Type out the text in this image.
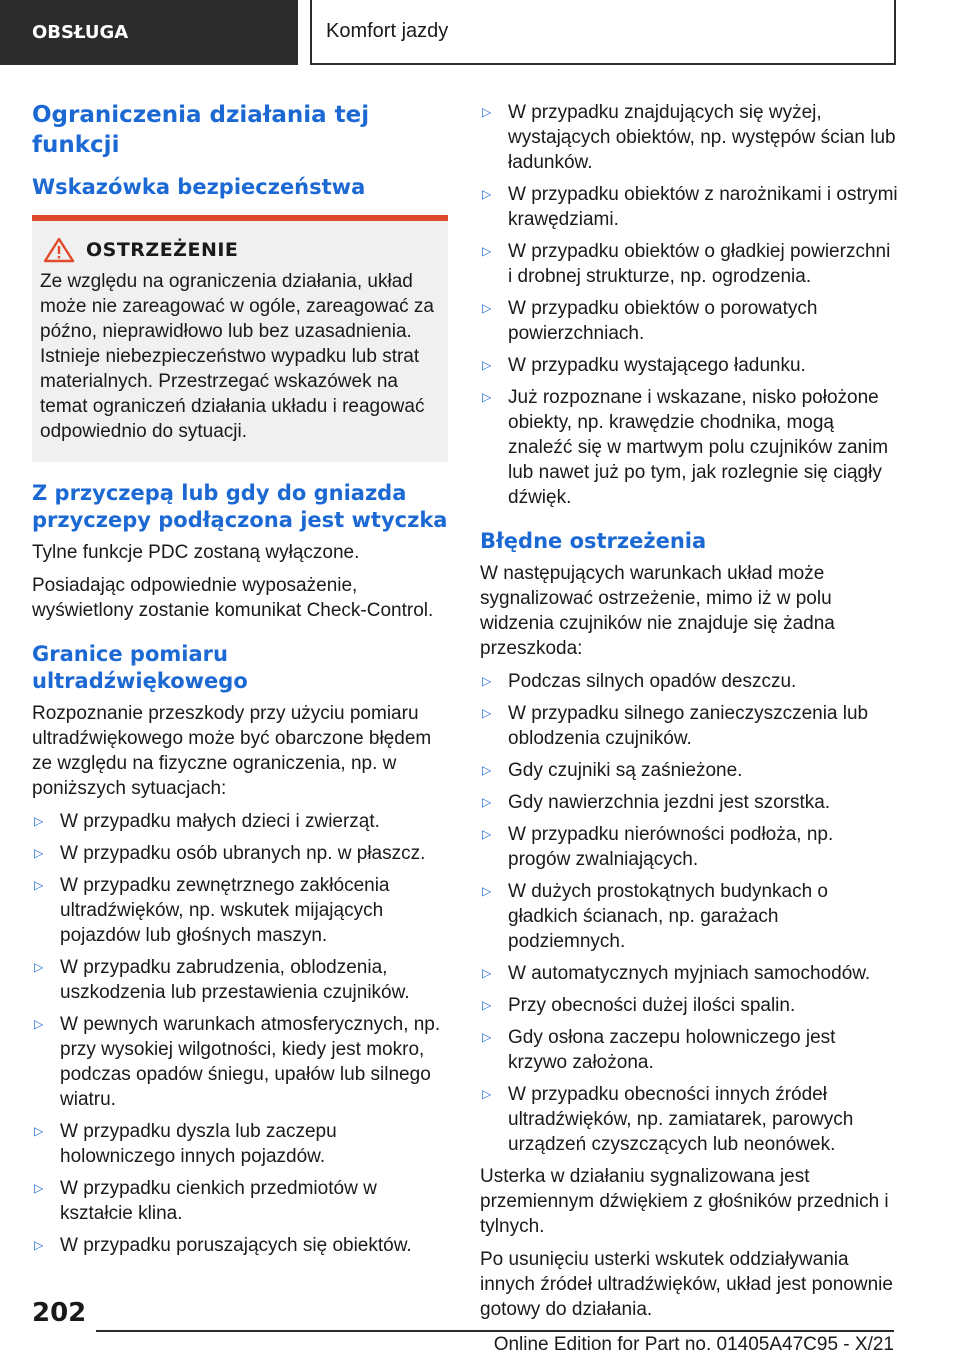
OBSŁUGA	Komfort jazdy
Ograniczenia działania tej funkcji
Wskazówka bezpieczeństwa
OSTRZEŻENIE
Ze względu na ograniczenia działania, układ może nie zareagować w ogóle, zareagować za późno, nieprawidłowo lub bez uzasadnienia. Istnieje niebezpieczeństwo wypadku lub strat materialnych. Przestrzegać wskazówek na temat ograniczeń działania układu i reagować odpowiednio do sytuacji.
Z przyczepą lub gdy do gniazda przyczepy podłączona jest wtyczka

Tylne funkcje PDC zostaną wyłączone.

Posiadając odpowiednie wyposażenie, wyświetlony zostanie komunikat Check-Control.

Granice pomiaru ultradźwiękowego

Rozpoznanie przeszkody przy użyciu pomiaru ultradźwiękowego może być obarczone błędem ze względu na fizyczne ograniczenia, np. w poniższych sytuacjach:

▷ W przypadku małych dzieci i zwierząt.
▷ W przypadku osób ubranych np. w płaszcz.
▷ W przypadku zewnętrznego zakłócenia ultradźwięków, np. wskutek mijających pojazdów lub głośnych maszyn.
▷ W przypadku zabrudzenia, oblodzenia, uszkodzenia lub przestawienia czujników.
▷ W pewnych warunkach atmosferycznych, np. przy wysokiej wilgotności, kiedy jest mokro, podczas opadów śniegu, upałów lub silnego wiatru.
▷ W przypadku dyszla lub zaczepu holowniczego innych pojazdów.
▷ W przypadku cienkich przedmiotów w kształcie klina.
▷ W przypadku poruszających się obiektów.
▷ W przypadku znajdujących się wyżej, wystających obiektów, np. występów ścian lub ładunków.
▷ W przypadku obiektów z narożnikami i ostrymi krawędziami.
▷ W przypadku obiektów o gładkiej powierzchni i drobnej strukturze, np. ogrodzenia.
▷ W przypadku obiektów o porowatych powierzchniach.
▷ W przypadku wystającego ładunku.
▷ Już rozpoznane i wskazane, nisko położone obiekty, np. krawędzie chodnika, mogą znaleźć się w martwym polu czujników zanim lub nawet już po tym, jak rozlegnie się ciągły dźwięk.
Błędne ostrzeżenia

W następujących warunkach układ może sygnalizować ostrzeżenie, mimo iż w polu widzenia czujników nie znajduje się żadna przeszkoda:

▷ Podczas silnych opadów deszczu.
▷ W przypadku silnego zanieczyszczenia lub oblodzenia czujników.
▷ Gdy czujniki są zaśnieżone.
▷ Gdy nawierzchnia jezdni jest szorstka.
▷ W przypadku nierówności podłoża, np. progów zwalniających.
▷ W dużych prostokątnych budynkach o gładkich ścianach, np. garażach podziemnych.
▷ W automatycznych myjniach samochodów.
▷ Przy obecności dużej ilości spalin.
▷ Gdy osłona zaczepu holowniczego jest krzywo założona.
▷ W przypadku obecności innych źródeł ultradźwięków, np. zamiatarek, parowych urządzeń czyszczących lub neonówek.

Usterka w działaniu sygnalizowana jest przemiennym dźwiękiem z głośników przednich i tylnych.

Po usunięciu usterki wskutek oddziaływania innych źródeł ultradźwięków, układ jest ponownie gotowy do działania.

202
Online Edition for Part no. 01405A47C95 - X/21
